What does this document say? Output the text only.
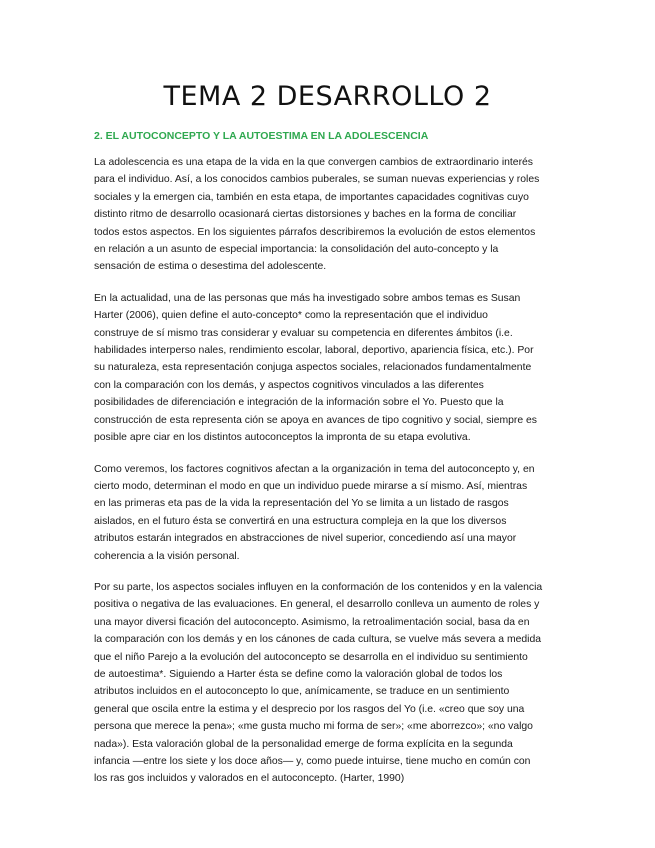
TEMA 2 DESARROLLO 2
2. EL AUTOCONCEPTO Y LA AUTOESTIMA EN LA ADOLESCENCIA

La adolescencia es una etapa de la vida en la que convergen cambios de extraordinario interés
para el individuo. Así, a los conocidos cambios puberales, se suman nuevas experiencias y roles
sociales y la emergen cia, también en esta etapa, de importantes capacidades cognitivas cuyo
distinto ritmo de desarrollo ocasionará ciertas distorsiones y baches en la forma de conciliar
todos estos aspectos. En los siguientes párrafos describiremos la evolución de estos elementos
en relación a un asunto de especial importancia: la consolidación del auto-concepto y la
sensación de estima o desestima del adolescente.

En la actualidad, una de las personas que más ha investigado sobre ambos temas es Susan
Harter (2006), quien define el auto-concepto* como la representación que el individuo
construye de sí mismo tras considerar y evaluar su competencia en diferentes ámbitos (i.e.
habilidades interperso nales, rendimiento escolar, laboral, deportivo, apariencia física, etc.). Por
su naturaleza, esta representación conjuga aspectos sociales, relacionados fundamentalmente
con la comparación con los demás, y aspectos cognitivos vinculados a las diferentes
posibilidades de diferenciación e integración de la información sobre el Yo. Puesto que la
construcción de esta representa ción se apoya en avances de tipo cognitivo y social, siempre es
posible apre ciar en los distintos autoconceptos la impronta de su etapa evolutiva.

Como veremos, los factores cognitivos afectan a la organización in tema del autoconcepto y, en
cierto modo, determinan el modo en que un individuo puede mirarse a sí mismo. Así, mientras
en las primeras eta pas de la vida la representación del Yo se limita a un listado de rasgos
aislados, en el futuro ésta se convertirá en una estructura compleja en la que los diversos
atributos estarán integrados en abstracciones de nivel superior, concediendo así una mayor
coherencia a la visión personal.

Por su parte, los aspectos sociales influyen en la conformación de los contenidos y en la valencia
positiva o negativa de las evaluaciones. En general, el desarrollo conlleva un aumento de roles y
una mayor diversi ficación del autoconcepto. Asimismo, la retroalimentación social, basa da en
la comparación con los demás y en los cánones de cada cultura, se vuelve más severa a medida
que el niño Parejo a la evolución del autoconcepto se desarrolla en el individuo su sentimiento
de autoestima*. Siguiendo a Harter ésta se define como la valoración global de todos los
atributos incluidos en el autoconcepto lo que, anímicamente, se traduce en un sentimiento
general que oscila entre la estima y el desprecio por los rasgos del Yo (i.e. «creo que soy una
persona que merece la pena»; «me gusta mucho mi forma de ser»; «me aborrezco»; «no valgo
nada»). Esta valoración global de la personalidad emerge de forma explícita en la segunda
infancia —entre los siete y los doce años— y, como puede intuirse, tiene mucho en común con
los ras gos incluidos y valorados en el autoconcepto. (Harter, 1990)
